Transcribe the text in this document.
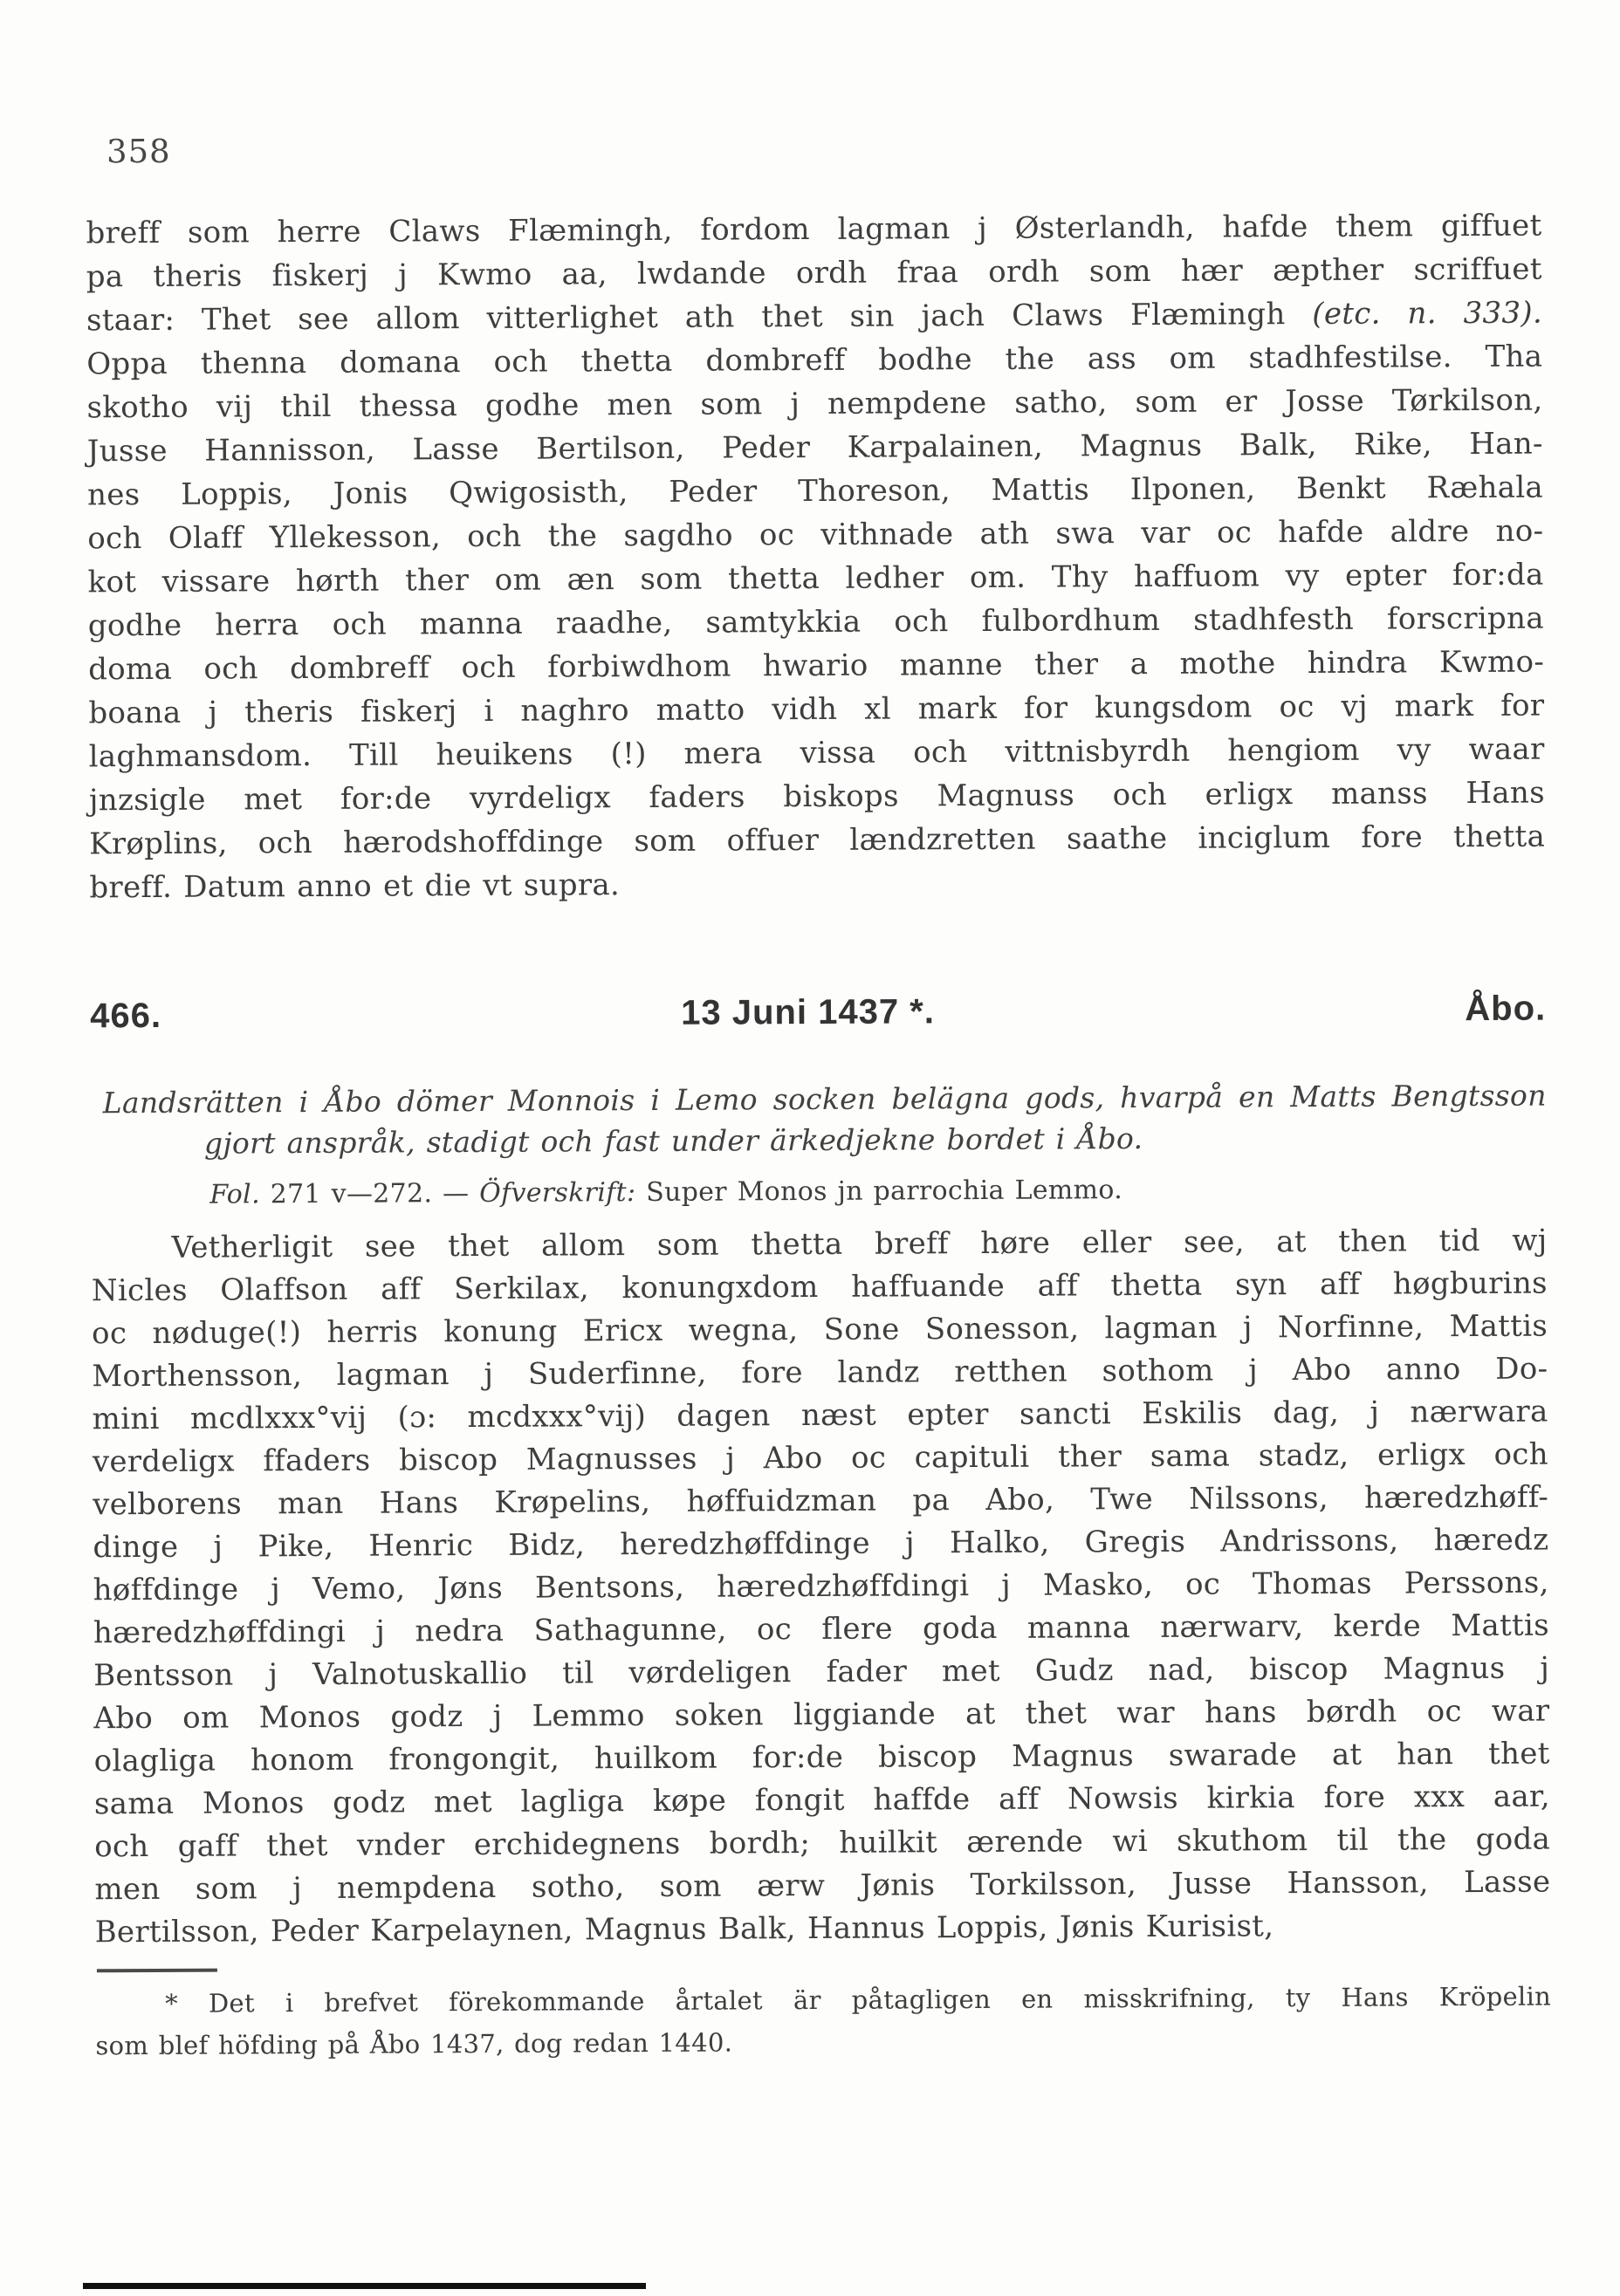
358
breff som herre Claws Flæmingh, fordom lagman j Østerlandh, hafde them giffuet
pa theris fiskerj j Kwmo aa, lwdande ordh fraa ordh som hær æpther scriffuet
staar: Thet see allom vitterlighet ath thet sin jach Claws Flæmingh (etc. n. 333).
Oppa thenna domana och thetta dombreff bodhe the ass om stadhfestilse. Tha
skotho vij thil thessa godhe men som j nempdene satho, som er Josse Tørkilson,
Jusse Hannisson, Lasse Bertilson, Peder Karpalainen, Magnus Balk, Rike, Han-
nes Loppis, Jonis Qwigosisth, Peder Thoreson, Mattis Ilponen, Benkt Ræhala
och Olaff Yllekesson, och the sagdho oc vithnade ath swa var oc hafde aldre no-
kot vissare hørth ther om æn som thetta ledher om. Thy haffuom vy epter for:da
godhe herra och manna raadhe, samtykkia och fulbordhum stadhfesth forscripna
doma och dombreff och forbiwdhom hwario manne ther a mothe hindra Kwmo-
boana j theris fiskerj i naghro matto vidh xl mark for kungsdom oc vj mark for
laghmansdom. Till heuikens (!) mera vissa och vittnisbyrdh hengiom vy waar
jnzsigle met for:de vyrdeligx faders biskops Magnuss och erligx manss Hans
Krøplins, och hærodshoffdinge som offuer lændzretten saathe inciglum fore thetta
breff. Datum anno et die vt supra.
466.	13 Juni 1437 *.	Åbo.
Landsrätten i Åbo dömer Monnois i Lemo socken belägna gods, hvarpå en Matts Bengtsson
gjort anspråk, stadigt och fast under ärkedjekne bordet i Åbo.
Fol. 271 v—272. — Öfverskrift: Super Monos jn parrochia Lemmo.
Vetherligit see thet allom som thetta breff høre eller see, at then tid wj
Nicles Olaffson aff Serkilax, konungxdom haffuande aff thetta syn aff høgburins
oc nøduge(!) herris konung Ericx wegna, Sone Sonesson, lagman j Norfinne, Mattis
Morthensson, lagman j Suderfinne, fore landz retthen sothom j Abo anno Do-
mini mcdlxxx°vij (ɔ: mcdxxx°vij) dagen næst epter sancti Eskilis dag, j nærwara
verdeligx ffaders biscop Magnusses j Abo oc capituli ther sama stadz, erligx och
velborens man Hans Krøpelins, høffuidzman pa Abo, Twe Nilssons, hæredzhøff-
dinge j Pike, Henric Bidz, heredzhøffdinge j Halko, Gregis Andrissons, hæredz
høffdinge j Vemo, Jøns Bentsons, hæredzhøffdingi j Masko, oc Thomas Perssons,
hæredzhøffdingi j nedra Sathagunne, oc flere goda manna nærwarv, kerde Mattis
Bentsson j Valnotuskallio til vørdeligen fader met Gudz nad, biscop Magnus j
Abo om Monos godz j Lemmo soken liggiande at thet war hans børdh oc war
olagliga honom frongongit, huilkom for:de biscop Magnus swarade at han thet
sama Monos godz met lagliga køpe fongit haffde aff Nowsis kirkia fore xxx aar,
och gaff thet vnder erchidegnens bordh; huilkit ærende wi skuthom til the goda
men som j nempdena sotho, som ærw Jønis Torkilsson, Jusse Hansson, Lasse
Bertilsson, Peder Karpelaynen, Magnus Balk, Hannus Loppis, Jønis Kurisist,
* Det i brefvet förekommande årtalet är påtagligen en misskrifning, ty Hans Kröpelin
som blef höfding på Åbo 1437, dog redan 1440.
